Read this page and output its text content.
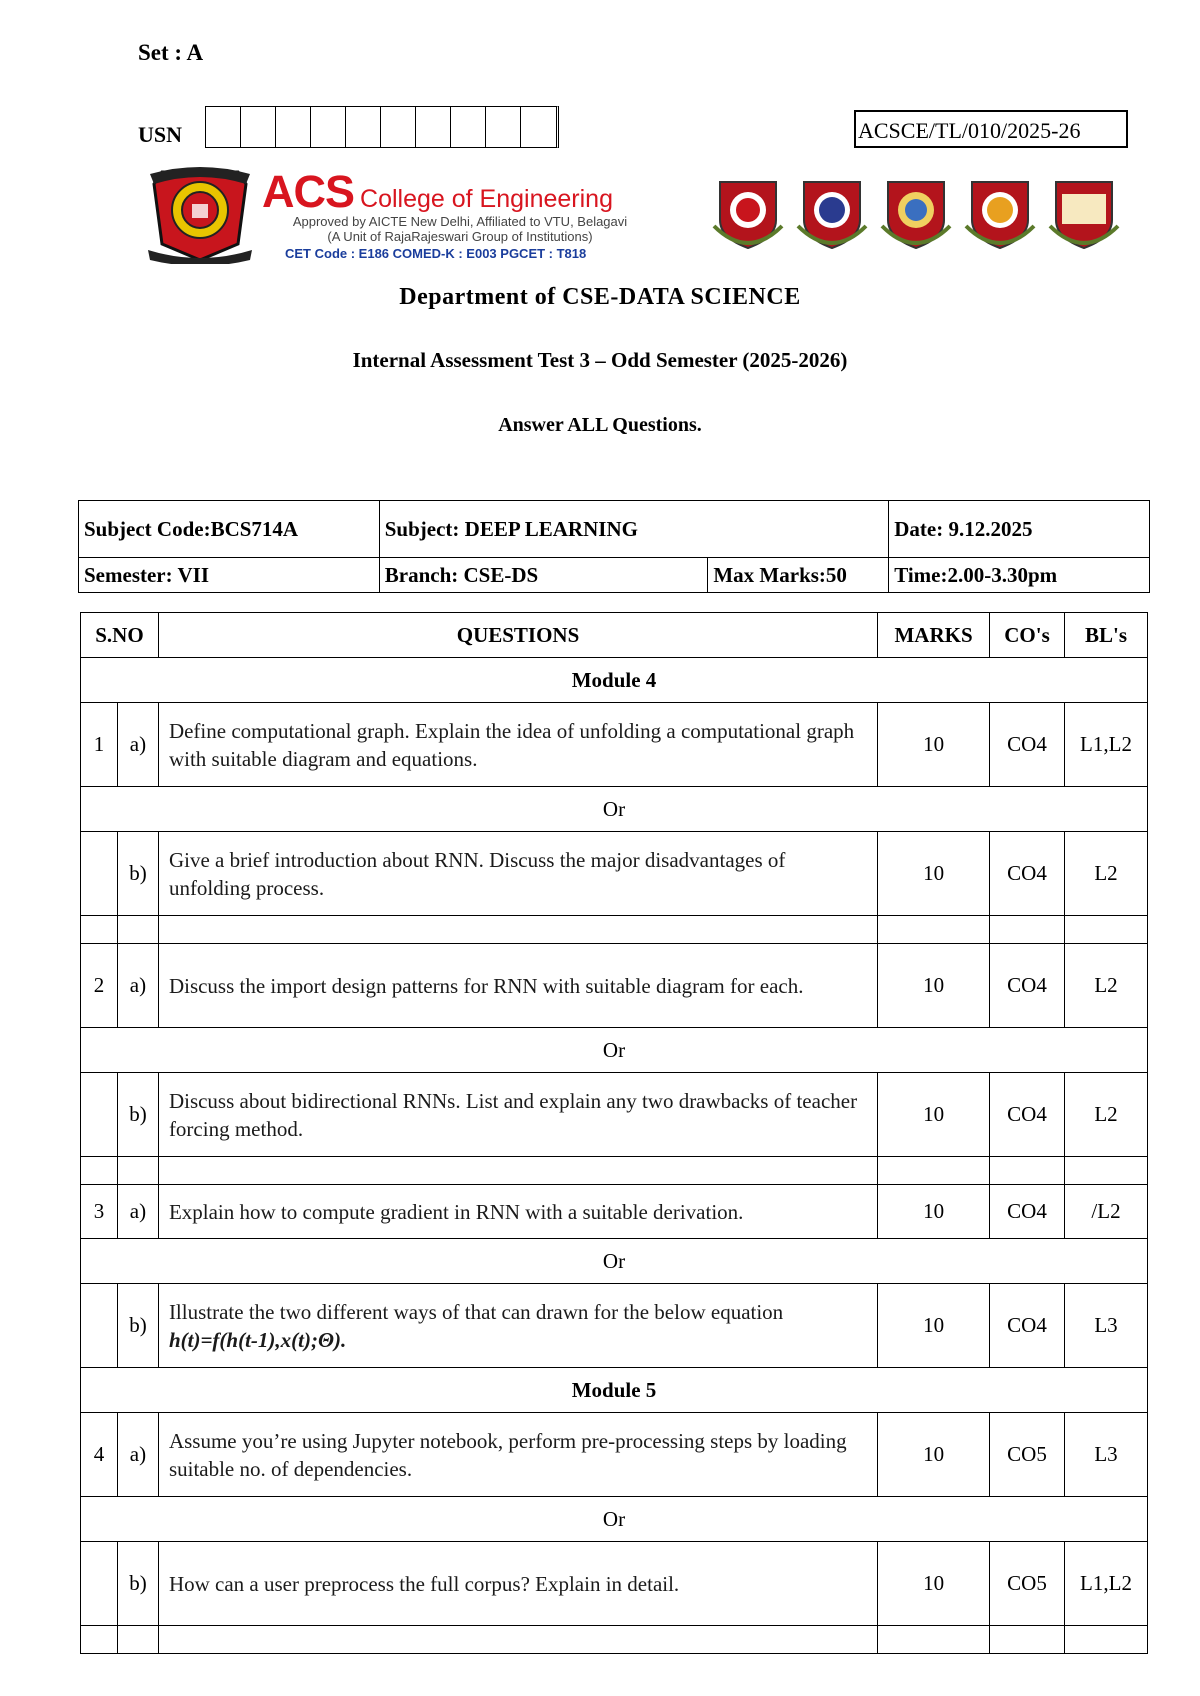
Set : A
USN	ACSCE/TL/010/2025-26
ACS College of Engineering
Approved by AICTE New Delhi, Affiliated to VTU, Belagavi
(A Unit of RajaRajeswari Group of Institutions)
CET Code : E186 COMED-K : E003 PGCET : T818
Department of CSE-DATA SCIENCE
Internal Assessment Test 3 – Odd Semester (2025-2026)
Answer ALL Questions.
Subject Code:BCS714A	Subject: DEEP LEARNING		Date: 9.12.2025
Semester: VII	Branch: CSE-DS	Max Marks:50	Time:2.00-3.30pm
S.NO		QUESTIONS	MARKS	CO's	BL's
Module 4					
1	a)	Define computational graph. Explain the idea of unfolding a computational graph with suitable diagram and equations.	10	CO4	L1,L2
Or					
	b)	Give a brief introduction about RNN. Discuss the major disadvantages of unfolding process.	10	CO4	L2

2	a)	Discuss the import design patterns for RNN with suitable diagram for each.	10	CO4	L2
Or					
	b)	Discuss about bidirectional RNNs. List and explain any two drawbacks of teacher forcing method.	10	CO4	L2

3	a)	Explain how to compute gradient in RNN with a suitable derivation.	10	CO4	/L2
Or					
	b)	Illustrate the two different ways of that can drawn for the below equation h(t)=f(h(t-1),x(t);Θ).	10	CO4	L3
Module 5					
4	a)	Assume you’re using Jupyter notebook, perform pre-processing steps by loading suitable no. of dependencies.	10	CO5	L3
Or					
	b)	How can a user preprocess the full corpus? Explain in detail.	10	CO5	L1,L2
